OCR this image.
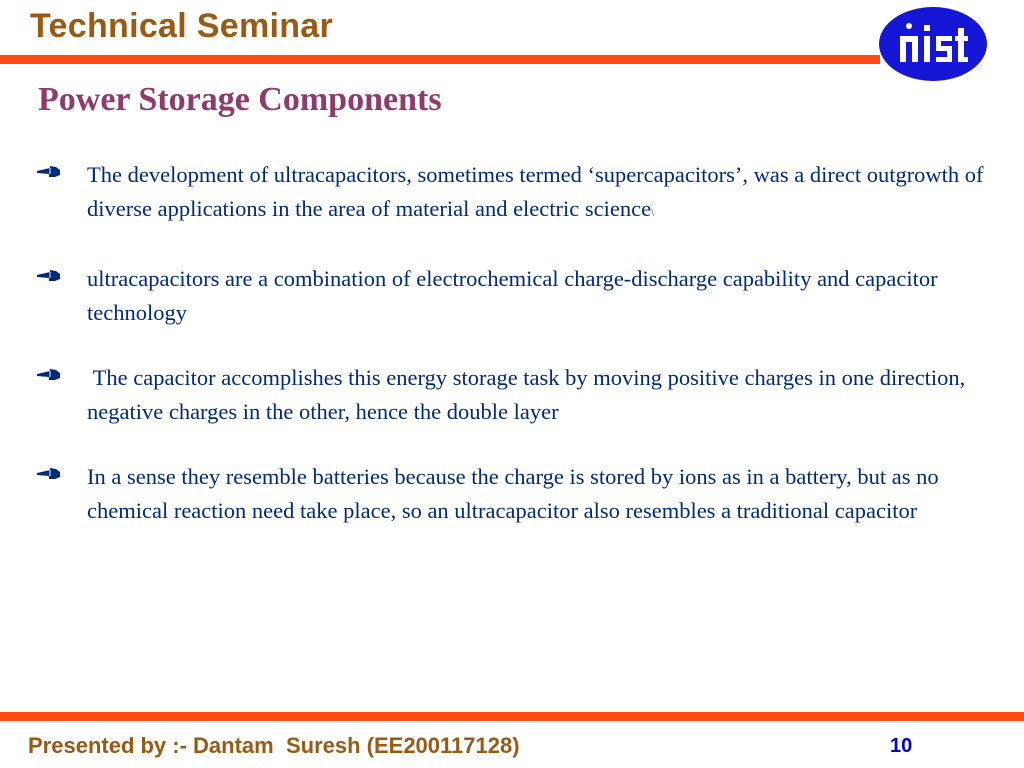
Technical Seminar
Power Storage Components
The development of ultracapacitors, sometimes termed ‘supercapacitors’, was a direct outgrowth of diverse applications in the area of material and electric science\
ultracapacitors are a combination of electrochemical charge-discharge capability and capacitor technology
The capacitor accomplishes this energy storage task by moving positive charges in one direction, negative charges in the other, hence the double layer
In a sense they resemble batteries because the charge is stored by ions as in a battery, but as no chemical reaction need take place, so an ultracapacitor also resembles a traditional capacitor
Presented by :- Dantam  Suresh (EE200117128)	10
